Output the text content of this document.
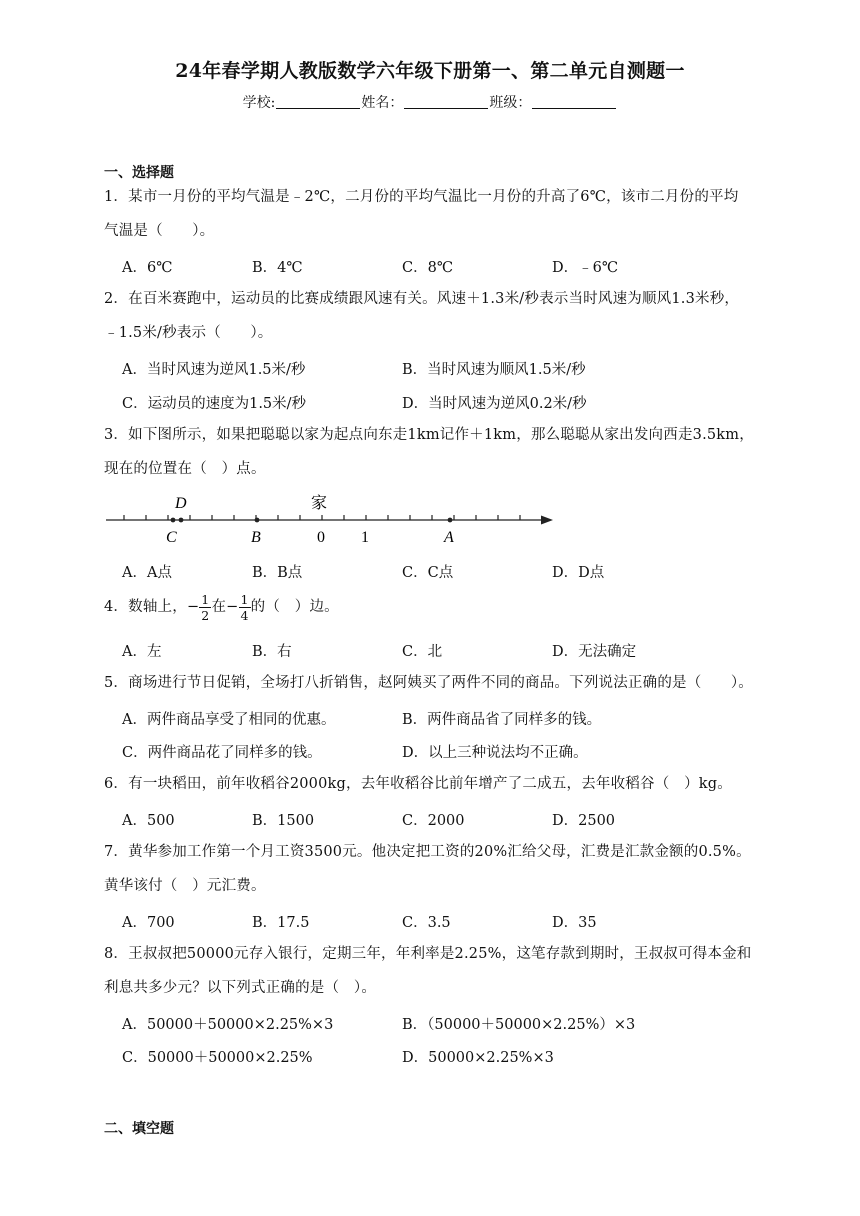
24年春学期人教版数学六年级下册第一、第二单元自测题一
学校:	姓名：	班级：
一、选择题
1．某市一月份的平均气温是﹣2℃，二月份的平均气温比一月份的升高了6℃，该市二月份的平均
气温是（　　）。
A．6℃	B．4℃	C．8℃	D．﹣6℃
2．在百米赛跑中，运动员的比赛成绩跟风速有关。风速＋1.3米/秒表示当时风速为顺风1.3米秒，
﹣1.5米/秒表示（　　）。
A．当时风速为逆风1.5米/秒	B．当时风速为顺风1.5米/秒
C．运动员的速度为1.5米/秒	D．当时风速为逆风0.2米/秒
3．如下图所示，如果把聪聪以家为起点向东走1km记作＋1km，那么聪聪从家出发向西走3.5km，
现在的位置在（　）点。
D	家
C	B	0 1	A
A．A点	B．B点	C．C点	D．D点
4．数轴上，− $\frac{1}{2}$ 在− $\frac{1}{4}$ 的（　）边。
A．左	B．右	C．北	D．无法确定
5．商场进行节日促销，全场打八折销售，赵阿姨买了两件不同的商品。下列说法正确的是（　　）。
A．两件商品享受了相同的优惠。	B．两件商品省了同样多的钱。
C．两件商品花了同样多的钱。	D．以上三种说法均不正确。
6．有一块稻田，前年收稻谷2000kg，去年收稻谷比前年增产了二成五，去年收稻谷（　）kg。
A．500	B．1500	C．2000	D．2500
7．黄华参加工作第一个月工资3500元。他决定把工资的20%汇给父母，汇费是汇款金额的0.5%。
黄华该付（　）元汇费。
A．700	B．17.5	C．3.5	D．35
8．王叔叔把50000元存入银行，定期三年，年利率是2.25%，这笔存款到期时，王叔叔可得本金和
利息共多少元？以下列式正确的是（　）。
A．50000＋50000×2.25%×3	B．（50000＋50000×2.25%）×3
C．50000＋50000×2.25%	D．50000×2.25%×3
二、填空题
